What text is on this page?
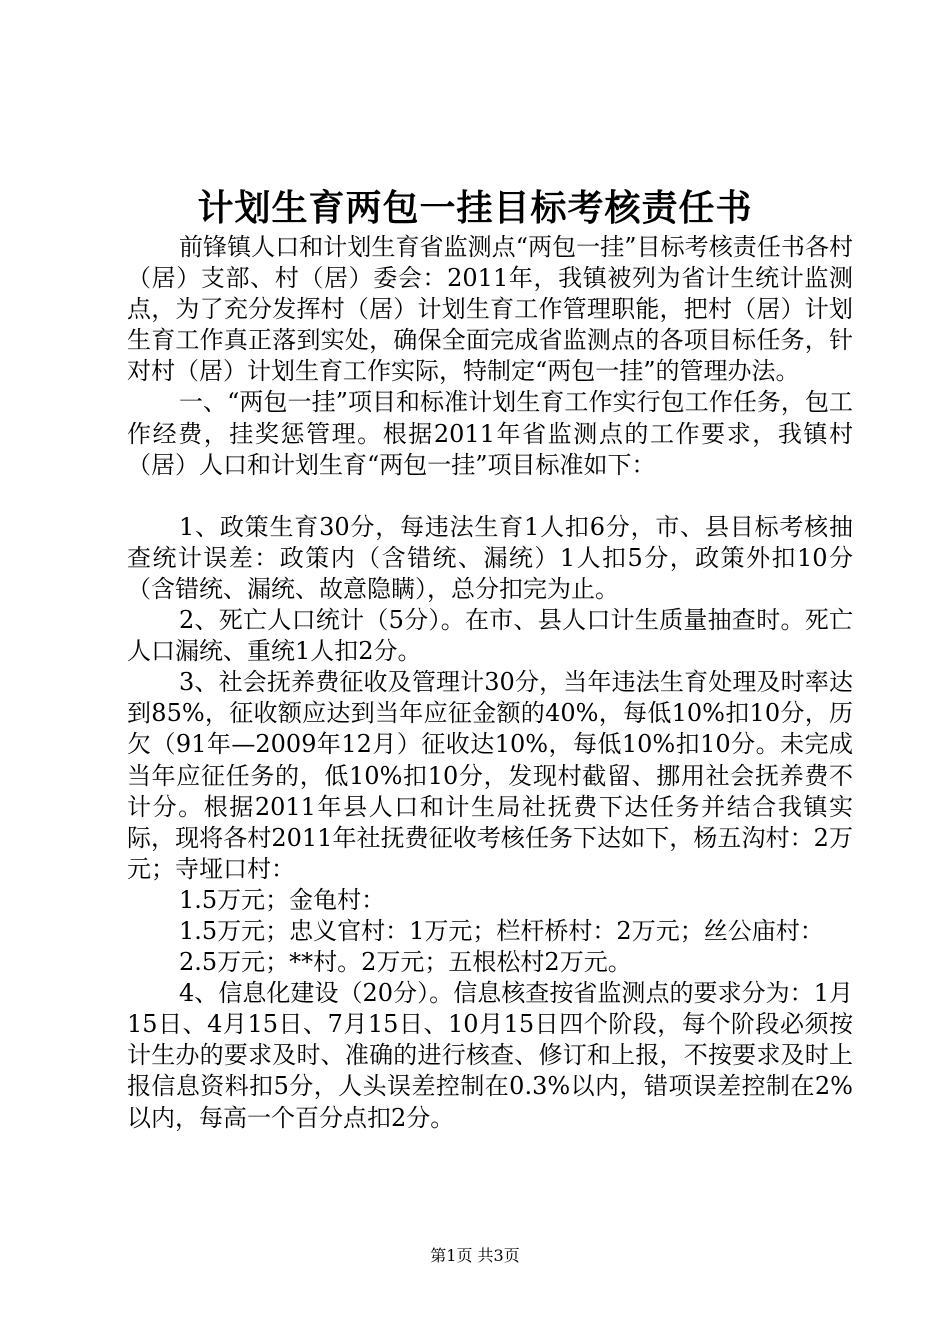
计划生育两包一挂目标考核责任书

前锋镇人口和计划生育省监测点“两包一挂”目标考核责任书各村（居）支部、村（居）委会：2011年，我镇被列为省计生统计监测点，为了充分发挥村（居）计划生育工作管理职能，把村（居）计划生育工作真正落到实处，确保全面完成省监测点的各项目标任务，针对村（居）计划生育工作实际，特制定“两包一挂”的管理办法。

一、“两包一挂”项目和标准计划生育工作实行包工作任务，包工作经费，挂奖惩管理。根据2011年省监测点的工作要求，我镇村（居）人口和计划生育“两包一挂”项目标准如下：

1、政策生育30分，每违法生育1人扣6分，市、县目标考核抽查统计误差：政策内（含错统、漏统）1人扣5分，政策外扣10分（含错统、漏统、故意隐瞒），总分扣完为止。

2、死亡人口统计（5分）。在市、县人口计生质量抽查时。死亡人口漏统、重统1人扣2分。

3、社会抚养费征收及管理计30分，当年违法生育处理及时率达到85%，征收额应达到当年应征金额的40%，每低10%扣10分，历欠（91年—2009年12月）征收达10%，每低10%扣10分。未完成当年应征任务的，低10%扣10分，发现村截留、挪用社会抚养费不计分。根据2011年县人口和计生局社抚费下达任务并结合我镇实际，现将各村2011年社抚费征收考核任务下达如下，杨五沟村：2万元；寺垭口村：

1.5万元；金龟村：

1.5万元；忠义官村：1万元；栏杆桥村：2万元；丝公庙村：

2.5万元；**村。2万元；五根松村2万元。

4、信息化建设（20分）。信息核查按省监测点的要求分为：1月15日、4月15日、7月15日、10月15日四个阶段，每个阶段必须按计生办的要求及时、准确的进行核查、修订和上报，不按要求及时上报信息资料扣5分，人头误差控制在0.3%以内，错项误差控制在2%以内，每高一个百分点扣2分。

第1页 共3页
